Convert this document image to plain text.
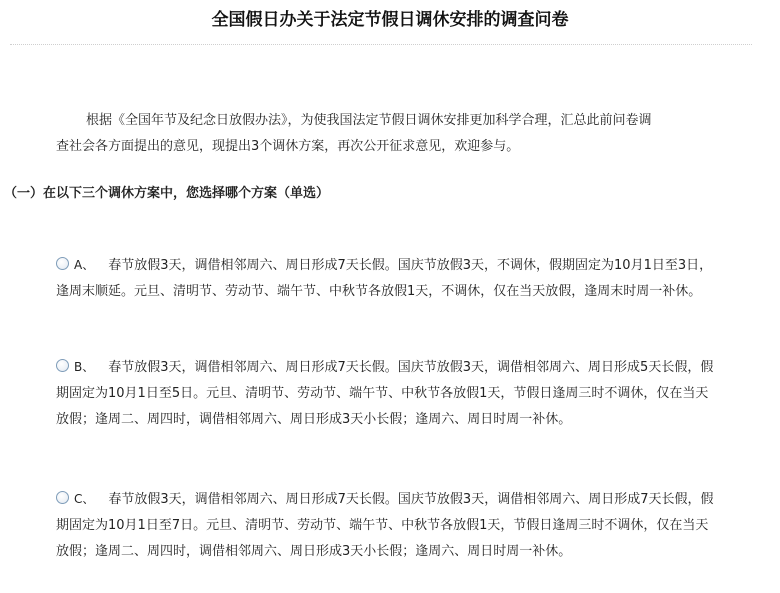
全国假日办关于法定节假日调休安排的调查问卷
根据《全国年节及纪念日放假办法》，为使我国法定节假日调休安排更加科学合理，汇总此前问卷调
查社会各方面提出的意见，现提出3个调休方案，再次公开征求意见，欢迎参与。
（一）在以下三个调休方案中，您选择哪个方案（单选）
A、 春节放假3天，调借相邻周六、周日形成7天长假。国庆节放假3天，不调休，假期固定为10月1日至3日，
逢周末顺延。元旦、清明节、劳动节、端午节、中秋节各放假1天，不调休，仅在当天放假，逢周末时周一补休。
B、 春节放假3天，调借相邻周六、周日形成7天长假。国庆节放假3天，调借相邻周六、周日形成5天长假，假
期固定为10月1日至5日。元旦、清明节、劳动节、端午节、中秋节各放假1天，节假日逢周三时不调休，仅在当天
放假；逢周二、周四时，调借相邻周六、周日形成3天小长假；逢周六、周日时周一补休。
C、 春节放假3天，调借相邻周六、周日形成7天长假。国庆节放假3天，调借相邻周六、周日形成7天长假，假
期固定为10月1日至7日。元旦、清明节、劳动节、端午节、中秋节各放假1天，节假日逢周三时不调休，仅在当天
放假；逢周二、周四时，调借相邻周六、周日形成3天小长假；逢周六、周日时周一补休。
